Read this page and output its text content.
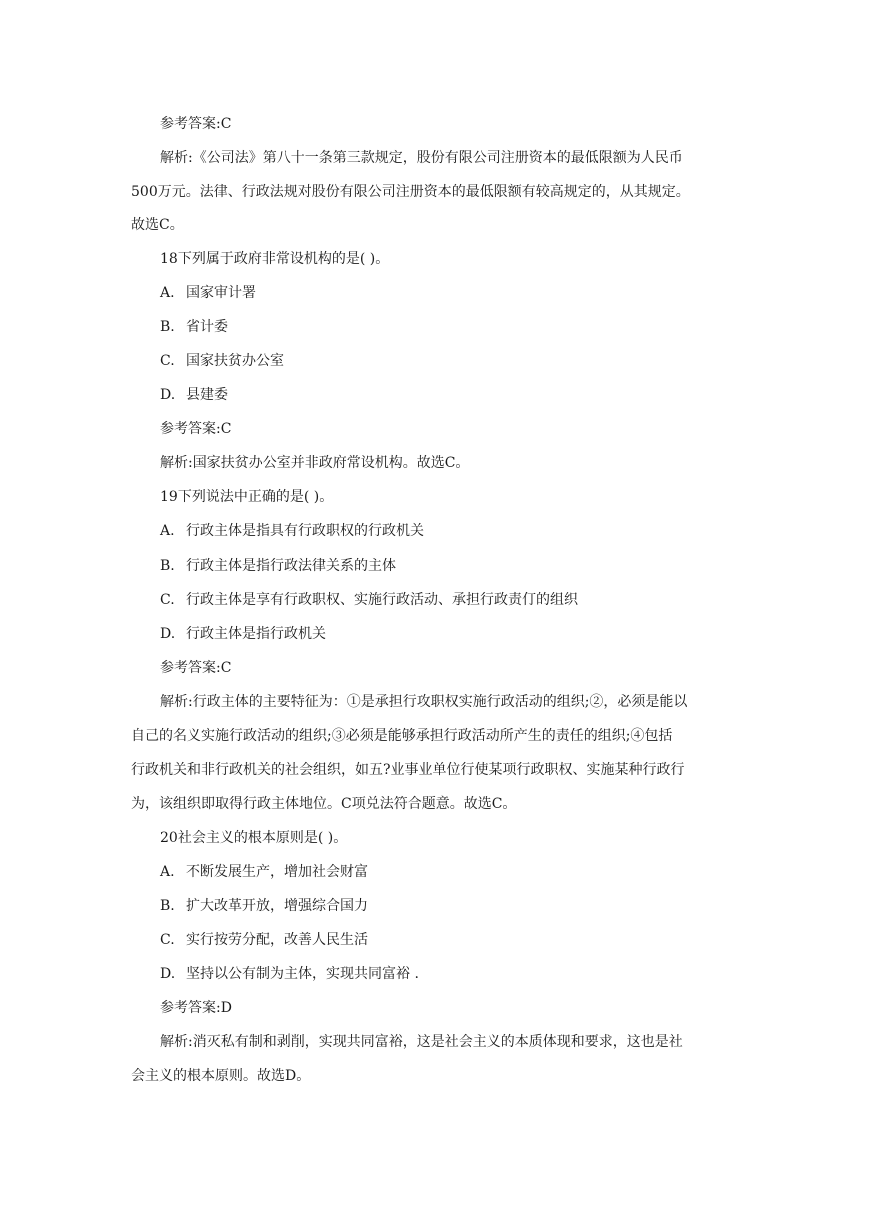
参考答案:C
解析:《公司法》第八十一条第三款规定，股份有限公司注册资本的最低限额为人民币
500万元。法律、行政法规对股份有限公司注册资本的最低限额有较高规定的，从其规定。
故选C。
18下列属于政府非常设机构的是( )。
A. 国家审计署
B. 省计委
C. 国家扶贫办公室
D. 县建委
参考答案:C
解析:国家扶贫办公室并非政府常设机构。故选C。
19下列说法中正确的是( )。
A. 行政主体是指具有行政职权的行政机关
B. 行政主体是指行政法律关系的主体
C. 行政主体是享有行政职权、实施行政活动、承担行政责仃的组织
D. 行政主体是指行政机关
参考答案:C
解析:行政主体的主要特征为：①是承担行攻职权实施行政活动的组织;②，必须是能以
自己的名义实施行政活动的组织;③必须是能够承担行政活动所产生的责任的组织;④包括
行政机关和非行政机关的社会组织，如五?业事业单位行使某项行政职权、实施某种行政行
为，该组织即取得行政主体地位。C项兑法符合题意。故选C。
20社会主义的根本原则是( )。
A. 不断发展生产，增加社会财富
B. 扩大改革开放，增强综合国力
C. 实行按劳分配，改善人民生活
D. 坚持以公有制为主体，实现共同富裕 .
参考答案:D
解析:消灭私有制和剥削，实现共同富裕，这是社会主义的本质体现和要求，这也是社
会主义的根本原则。故选D。
